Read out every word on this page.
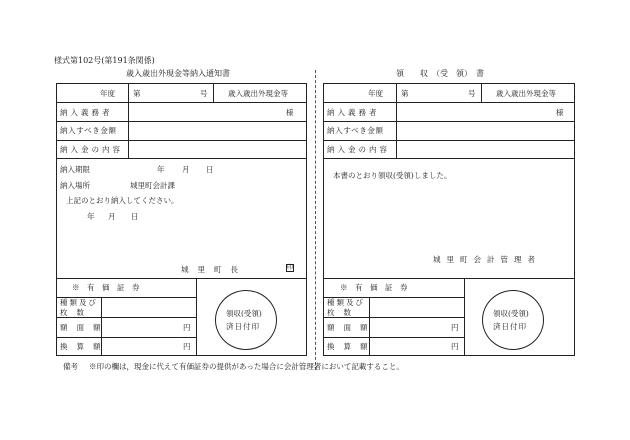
様式第102号(第191条関係)
歳入歳出外現金等納入通知書	領　　収　（受　領）　書
年度 第	号	歳入歳出外現金等
納入義務者	様
納入すべき金額
納入金の内容
納入期限	年 月 日
納入場所	城里町会計課
上記のとおり納入してください。
年 月 日
城里町長	印
※　有　価　証　券
種類及び
枚数
額面額	円
換算額	円
領収(受領)
済日付印
年度 第	号	歳入歳出外現金等
納入義務者	様
納入すべき金額
納入金の内容
本書のとおり領収(受領)しました。
城里町会計管理者
※　有　価　証　券
種類及び
枚数
額面額	円
換算額	円
領収(受領)
済日付印
備考 ※印の欄は，現金に代えて有価証券の提供があった場合に会計管理者において記載すること。
